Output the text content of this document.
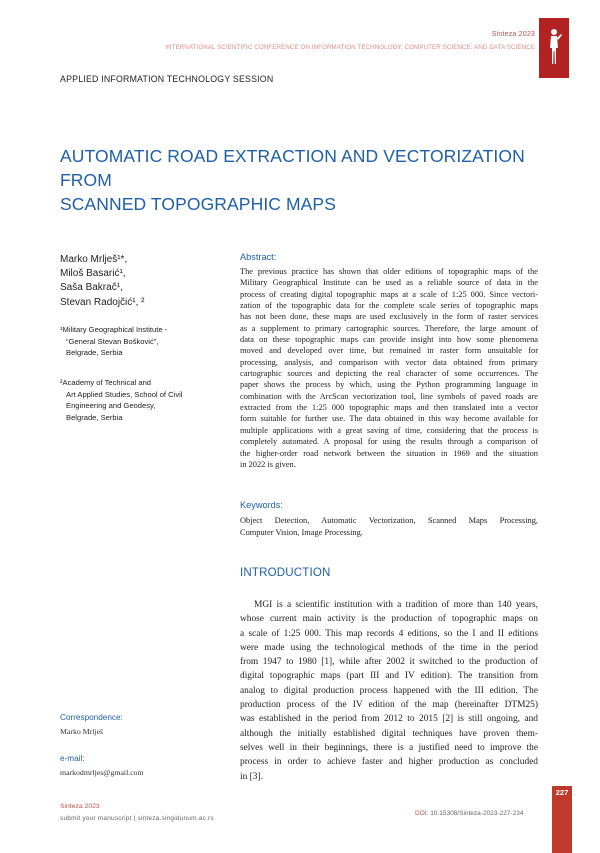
Sinteza 2023
INTERNATIONAL SCIENTIFIC CONFERENCE ON INFORMATION TECHNOLOGY, COMPUTER SCIENCE, AND DATA SCIENCE
APPLIED INFORMATION TECHNOLOGY SESSION
AUTOMATIC ROAD EXTRACTION AND VECTORIZATION FROM
SCANNED TOPOGRAPHIC MAPS
Marko Mrlješ¹*,
Miloš Basarić¹,
Saša Bakrač¹,
Stevan Radojčić¹, ²
¹Military Geographical Institute -
“General Stevan Bošković”,
Belgrade, Serbia
²Academy of Technical and
Art Applied Studies, School of Civil
Engineering and Geodesy,
Belgrade, Serbia
Abstract:
The previous practice has shown that older editions of topographic maps of the
Military Geographical Institute can be used as a reliable source of data in the
process of creating digital topographic maps at a scale of 1:25 000. Since vectori-
zation of the topographic data for the complete scale series of topographic maps
has not been done, these maps are used exclusively in the form of raster services
as a supplement to primary cartographic sources. Therefore, the large amount of
data on these topographic maps can provide insight into how some phenomena
moved and developed over time, but remained in raster form unsuitable for
processing, analysis, and comparison with vector data obtained from primary
cartographic sources and depicting the real character of some occurrences. The
paper shows the process by which, using the Python programming language in
combination with the ArcScan vectorization tool, line symbols of paved roads are
extracted from the 1:25 000 topographic maps and then translated into a vector
form suitable for further use. The data obtained in this way become available for
multiple applications with a great saving of time, considering that the process is
completely automated. A proposal for using the results through a comparison of
the higher-order road network between the situation in 1969 and the situation
in 2022 is given.
Keywords:
Object Detection, Automatic Vectorization, Scanned Maps Processing,
Computer Vision, Image Processing.
INTRODUCTION
MGI is a scientific institution with a tradition of more than 140 years,
whose current main activity is the production of topographic maps on
a scale of 1:25 000. This map records 4 editions, so the I and II editions
were made using the technological methods of the time in the period
from 1947 to 1980 [1], while after 2002 it switched to the production of
digital topographic maps (part III and IV edition). The transition from
analog to digital production process happened with the III edition. The
production process of the IV edition of the map (hereinafter DTM25)
was established in the period from 2012 to 2015 [2] is still ongoing, and
although the initially established digital techniques have proven them-
selves well in their beginnings, there is a justified need to improve the
process in order to achieve faster and higher production as concluded
in [3].
Correspondence:
Marko Mrlješ
e-mail:
markodmrljes@gmail.com
Sinteza 2023
submit your manuscript | sinteza.singidunum.ac.rs
DOI: 10.15308/Sinteza-2023-227-234
227
